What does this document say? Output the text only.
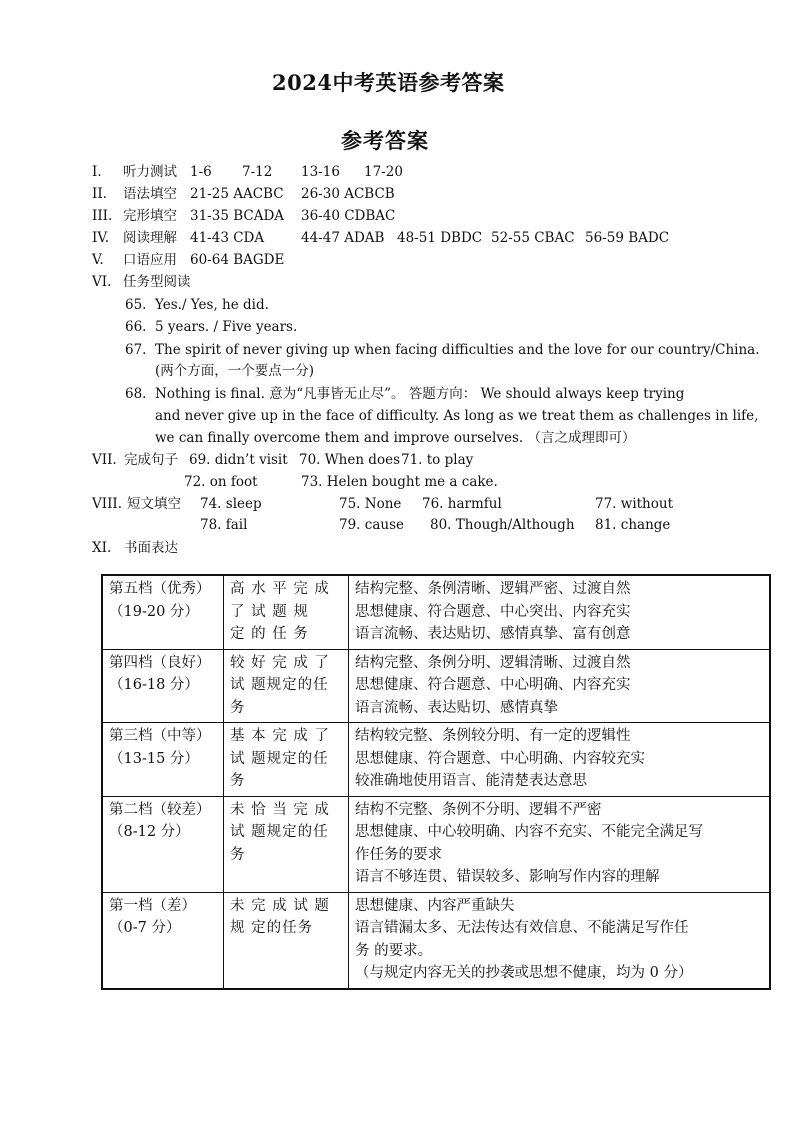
2024中考英语参考答案
参考答案
I. 听力测试 1-6 7-12 13-16 17-20
II. 语法填空 21-25 AACBC 26-30 ACBCB
III. 完形填空 31-35 BCADA 36-40 CDBAC
IV. 阅读理解 41-43 CDA	44-47 ADAB 48-51 DBDC 52-55 CBAC 56-59 BADC
V. 口语应用 60-64 BAGDE
VI. 任务型阅读
65. Yes./ Yes, he did.
66. 5 years. / Five years.
67. The spirit of never giving up when facing difficulties and the love for our country/China.
(两个方面，一个要点一分)
68. Nothing is final. 意为“凡事皆无止尽”。 答题方向： We should always keep trying
and never give up in the face of difficulty. As long as we treat them as challenges in life,
we can finally overcome them and improve ourselves. （言之成理即可）
VII. 完成句子 69. didn’t visit 70. When does 71. to play
72. on foot	73. Helen bought me a cake.
VIII. 短文填空 74. sleep	75. None 76. harmful	77. without
78. fail	79. cause 80. Though/Although 81. change
XI. 书面表达
第五档（优秀）
（19-20 分）	高 水 平 完 成
了 试 题 规
定 的 任 务	结构完整、条例清晰、逻辑严密、过渡自然
思想健康、符合题意、中心突出、内容充实
语言流畅、表达贴切、感情真挚、富有创意

第四档（良好）
（16-18 分）	较 好 完 成 了
试 题规定的任
务	结构完整、条例分明、逻辑清晰、过渡自然
思想健康、符合题意、中心明确、内容充实
语言流畅、表达贴切、感情真挚

第三档（中等）
（13-15 分）	基 本 完 成 了
试 题规定的任
务	结构较完整、条例较分明、有一定的逻辑性
思想健康、符合题意、中心明确、内容较充实
较准确地使用语言、能清楚表达意思

第二档（较差）
（8-12 分）	未 恰 当 完 成
试 题规定的任
务	结构不完整、条例不分明、逻辑不严密
思想健康、中心较明确、内容不充实、不能完全满足写
作任务的要求
语言不够连贯、错误较多、影响写作内容的理解

第一档（差）
（0-7 分）	未 完 成 试 题
规 定的任务	思想健康、内容严重缺失
语言错漏太多、无法传达有效信息、不能满足写作任
务 的要求。
（与规定内容无关的抄袭或思想不健康，均为 0 分）
